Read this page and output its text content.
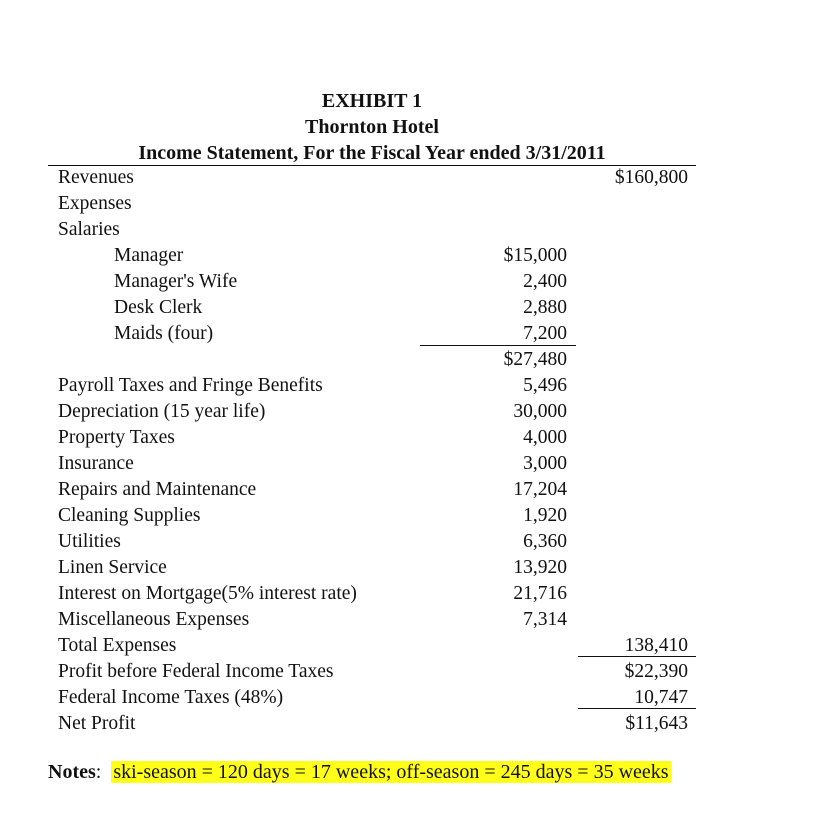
EXHIBIT 1
Thornton Hotel
Income Statement, For the Fiscal Year ended 3/31/2011
Revenues	$160,800
Expenses
Salaries
Manager	$15,000
Manager's Wife	2,400
Desk Clerk	2,880
Maids (four)	7,200
$27,480
Payroll Taxes and Fringe Benefits	5,496
Depreciation (15 year life)	30,000
Property Taxes	4,000
Insurance	3,000
Repairs and Maintenance	17,204
Cleaning Supplies	1,920
Utilities	6,360
Linen Service	13,920
Interest on Mortgage(5% interest rate)	21,716
Miscellaneous Expenses	7,314
Total Expenses	138,410
Profit before Federal Income Taxes	$22,390
Federal Income Taxes (48%)	10,747
Net Profit	$11,643
Notes:  ski-season = 120 days = 17 weeks; off-season = 245 days = 35 weeks
